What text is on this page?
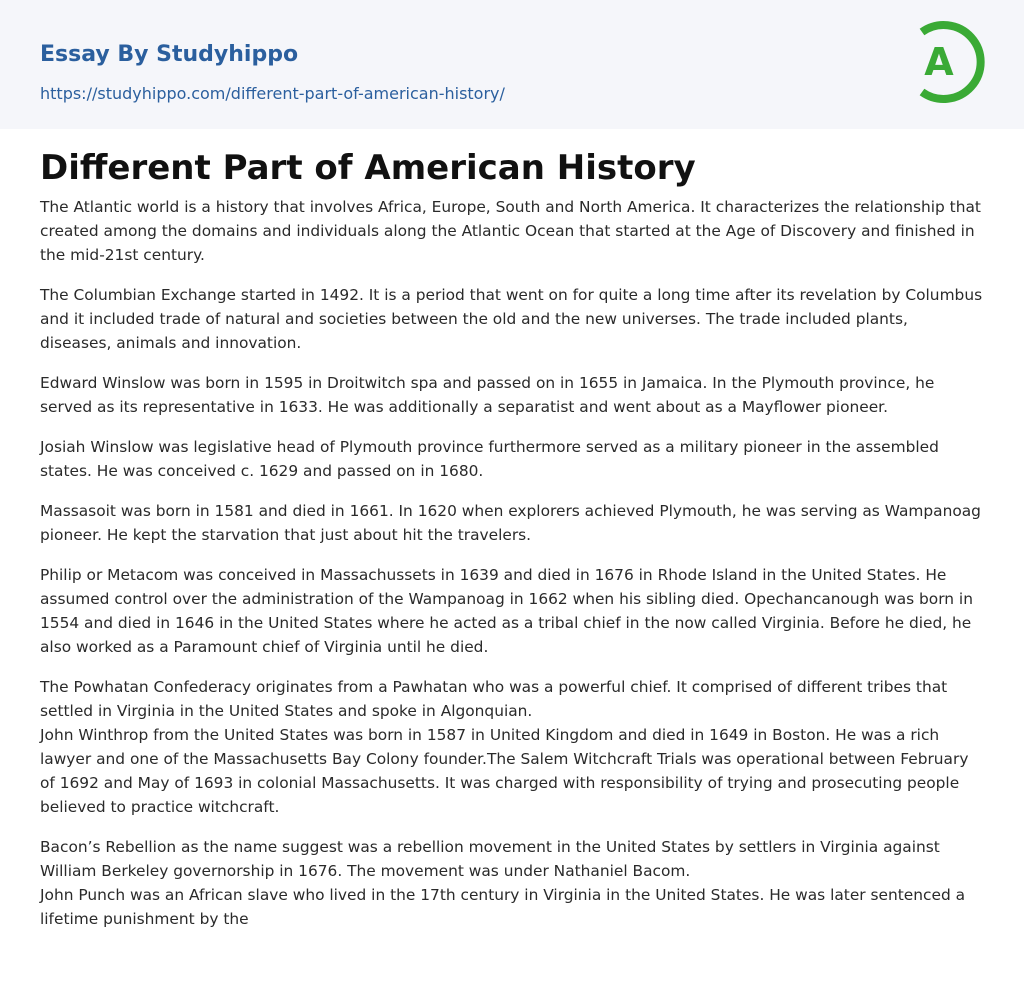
Essay By Studyhippo
https://studyhippo.com/different-part-of-american-history/
A
Different Part of American History

The Atlantic world is a history that involves Africa, Europe, South and North America. It characterizes the relationship that created among the domains and individuals along the Atlantic Ocean that started at the Age of Discovery and finished in the mid-21st century.

The Columbian Exchange started in 1492. It is a period that went on for quite a long time after its revelation by Columbus and it included trade of natural and societies between the old and the new universes. The trade included plants, diseases, animals and innovation.

Edward Winslow was born in 1595 in Droitwitch spa and passed on in 1655 in Jamaica. In the Plymouth province, he served as its representative in 1633. He was additionally a separatist and went about as a Mayflower pioneer.

Josiah Winslow was legislative head of Plymouth province furthermore served as a military pioneer in the assembled states. He was conceived c. 1629 and passed on in 1680.

Massasoit was born in 1581 and died in 1661. In 1620 when explorers achieved Plymouth, he was serving as Wampanoag pioneer. He kept the starvation that just about hit the travelers.

Philip or Metacom was conceived in Massachussets in 1639 and died in 1676 in Rhode Island in the United States. He assumed control over the administration of the Wampanoag in 1662 when his sibling died. Opechancanough was born in 1554 and died in 1646 in the United States where he acted as a tribal chief in the now called Virginia. Before he died, he also worked as a Paramount chief of Virginia until he died.

The Powhatan Confederacy originates from a Pawhatan who was a powerful chief. It comprised of different tribes that settled in Virginia in the United States and spoke in Algonquian.

John Winthrop from the United States was born in 1587 in United Kingdom and died in 1649 in Boston. He was a rich lawyer and one of the Massachusetts Bay Colony founder.The Salem Witchcraft Trials was operational between February of 1692 and May of 1693 in colonial Massachusetts. It was charged with responsibility of trying and prosecuting people believed to practice witchcraft.

Bacon’s Rebellion as the name suggest was a rebellion movement in the United States by settlers in Virginia against William Berkeley governorship in 1676. The movement was under Nathaniel Bacom.

John Punch was an African slave who lived in the 17th century in Virginia in the United States. He was later sentenced a lifetime punishment by the
